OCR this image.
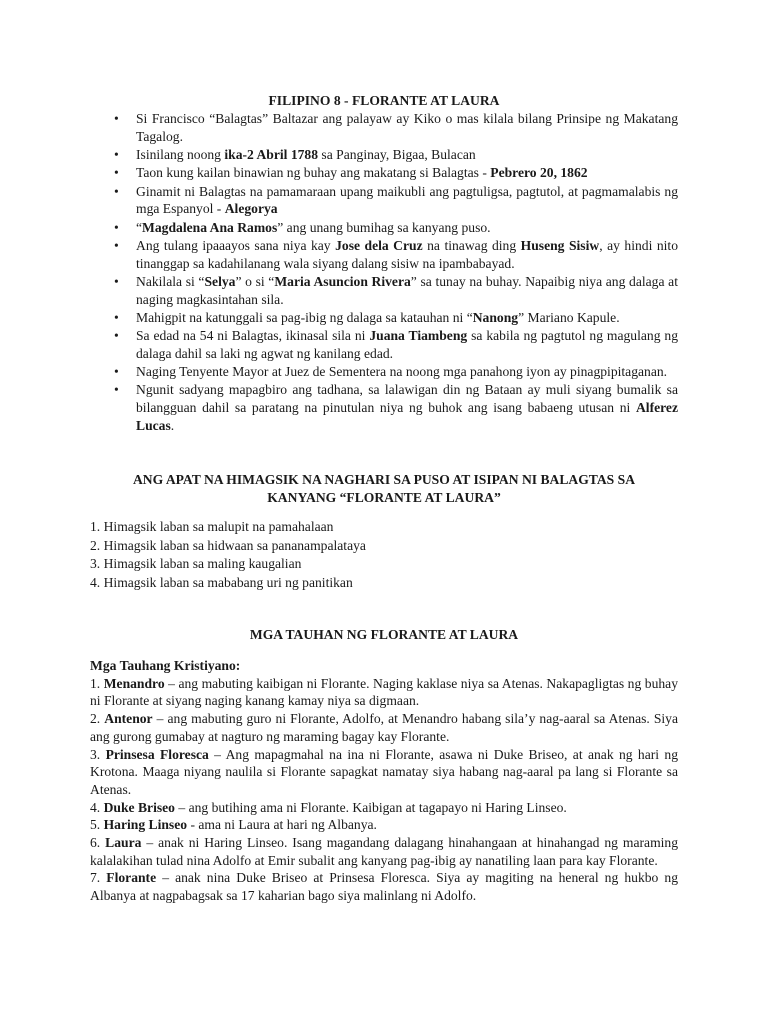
FILIPINO 8 - FLORANTE AT LAURA
• Si Francisco “Balagtas” Baltazar ang palayaw ay Kiko o mas kilala bilang Prinsipe ng Makatang Tagalog.
• Isinilang noong ika-2 Abril 1788 sa Panginay, Bigaa, Bulacan
• Taon kung kailan binawian ng buhay ang makatang si Balagtas - Pebrero 20, 1862
• Ginamit ni Balagtas na pamamaraan upang maikubli ang pagtuligsa, pagtutol, at pagmamalabis ng mga Espanyol - Alegorya
• “Magdalena Ana Ramos” ang unang bumihag sa kanyang puso.
• Ang tulang ipaaayos sana niya kay Jose dela Cruz na tinawag ding Huseng Sisiw, ay hindi nito tinanggap sa kadahilanang wala siyang dalang sisiw na ipambabayad.
• Nakilala si “Selya” o si “Maria Asuncion Rivera” sa tunay na buhay. Napaibig niya ang dalaga at naging magkasintahan sila.
• Mahigpit na katunggali sa pag-ibig ng dalaga sa katauhan ni “Nanong” Mariano Kapule.
• Sa edad na 54 ni Balagtas, ikinasal sila ni Juana Tiambeng sa kabila ng pagtutol ng magulang ng dalaga dahil sa laki ng agwat ng kanilang edad.
• Naging Tenyente Mayor at Juez de Sementera na noong mga panahong iyon ay pinagpipitaganan.
• Ngunit sadyang mapagbiro ang tadhana, sa lalawigan din ng Bataan ay muli siyang bumalik sa bilangguan dahil sa paratang na pinutulan niya ng buhok ang isang babaeng utusan ni Alferez Lucas.
ANG APAT NA HIMAGSIK NA NAGHARI SA PUSO AT ISIPAN NI BALAGTAS SA
KANYANG “FLORANTE AT LAURA”
1. Himagsik laban sa malupit na pamahalaan
2. Himagsik laban sa hidwaan sa pananampalataya
3. Himagsik laban sa maling kaugalian
4. Himagsik laban sa mababang uri ng panitikan
MGA TAUHAN NG FLORANTE AT LAURA
Mga Tauhang Kristiyano:
1. Menandro – ang mabuting kaibigan ni Florante. Naging kaklase niya sa Atenas. Nakapagligtas ng buhay ni Florante at siyang naging kanang kamay niya sa digmaan.
2. Antenor – ang mabuting guro ni Florante, Adolfo, at Menandro habang sila’y nag-aaral sa Atenas. Siya ang gurong gumabay at nagturo ng maraming bagay kay Florante.
3. Prinsesa Floresca – Ang mapagmahal na ina ni Florante, asawa ni Duke Briseo, at anak ng hari ng Krotona. Maaga niyang naulila si Florante sapagkat namatay siya habang nag-aaral pa lang si Florante sa Atenas.
4. Duke Briseo – ang butihing ama ni Florante. Kaibigan at tagapayo ni Haring Linseo.
5. Haring Linseo - ama ni Laura at hari ng Albanya.
6. Laura – anak ni Haring Linseo. Isang magandang dalagang hinahangaan at hinahangad ng maraming kalalakihan tulad nina Adolfo at Emir subalit ang kanyang pag-ibig ay nanatiling laan para kay Florante.
7. Florante – anak nina Duke Briseo at Prinsesa Floresca. Siya ay magiting na heneral ng hukbo ng Albanya at nagpabagsak sa 17 kaharian bago siya malinlang ni Adolfo.
